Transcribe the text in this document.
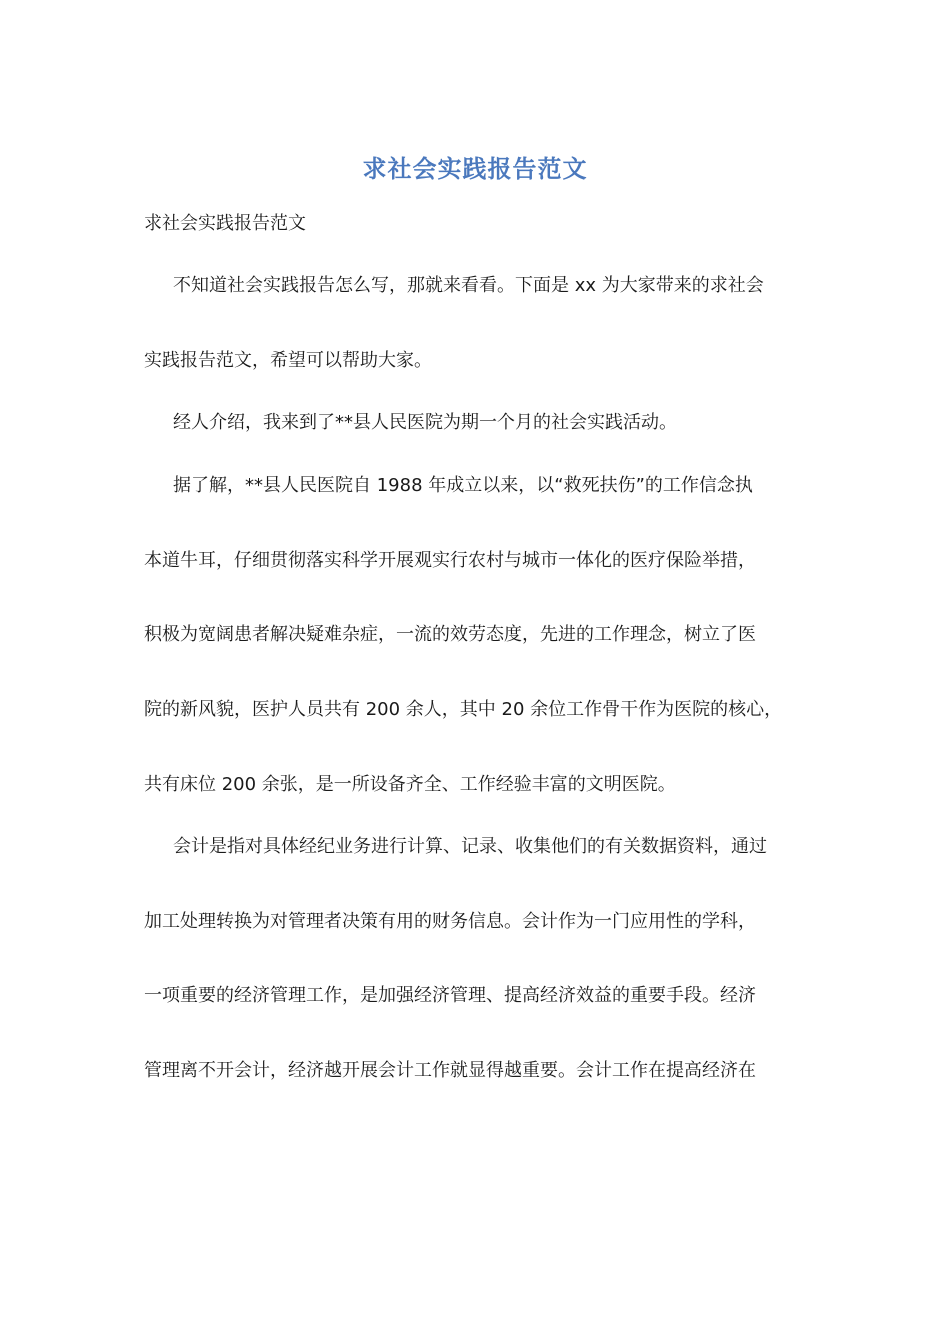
求社会实践报告范文
求社会实践报告范文
不知道社会实践报告怎么写，那就来看看。下面是 xx 为大家带来的求社会
实践报告范文，希望可以帮助大家。
经人介绍，我来到了**县人民医院为期一个月的社会实践活动。
据了解，**县人民医院自 1988 年成立以来，以“救死扶伤”的工作信念执
本道牛耳，仔细贯彻落实科学开展观实行农村与城市一体化的医疗保险举措，
积极为宽阔患者解决疑难杂症，一流的效劳态度，先进的工作理念，树立了医
院的新风貌，医护人员共有 200 余人，其中 20 余位工作骨干作为医院的核心，
共有床位 200 余张，是一所设备齐全、工作经验丰富的文明医院。
会计是指对具体经纪业务进行计算、记录、收集他们的有关数据资料，通过
加工处理转换为对管理者决策有用的财务信息。会计作为一门应用性的学科，
一项重要的经济管理工作，是加强经济管理、提高经济效益的重要手段。经济
管理离不开会计，经济越开展会计工作就显得越重要。会计工作在提高经济在
